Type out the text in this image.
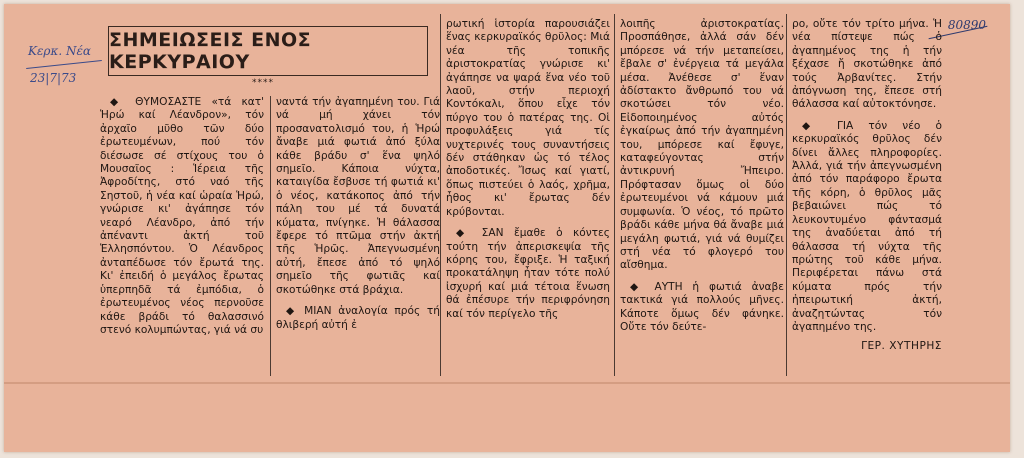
Κερκ. Νέα
23|7|73
80890
ΣΗΜΕΙΩΣΕΙΣ ΕΝΟΣ ΚΕΡΚΥΡΑΙΟΥ
****

◆ ΘΥΜΟΣΑΣΤΕ «τά κατ' Ἡρώ καί Λέανδρον», τόν ἀρχαῖο μῦθο τῶν δύο ἐρωτευμένων, πού τόν διέσωσε σέ στίχους του ὁ Μουσαῖος : Ἱέρεια τῆς Ἀφροδίτης, στό ναό τῆς Σηστοῦ, ἡ νέα καί ὡραία Ἡρώ, γνώρισε κι' ἀγάπησε τόν νεαρό Λέανδρο, ἀπό τήν ἀπέναντι ἀκτή τοῦ Ἑλλησπόντου. Ὁ Λέανδρος ἀνταπέδωσε τόν ἔρωτά της. Κι' ἐπειδή ὁ μεγάλος ἔρωτας ὑπερπηδᾶ τά ἐμπόδια, ὁ ἐρωτευμένος νέος περνοῦσε κάθε βράδι τό θαλασσινό στενό κολυμπώντας, γιά νά συ

ναντά τήν ἀγαπημένη του. Γιά νά μή χάνει τόν προσανατολισμό του, ἡ Ἡρώ ἄναβε μιά φωτιά ἀπό ξύλα κάθε βράδυ σ' ἕνα ψηλό σημεῖο. Κάποια νύχτα, καταιγίδα ἔσβυσε τή φωτιά κι' ὁ νέος, κατάκοπος ἀπό τήν πάλη του μέ τά δυνατά κύματα, πνίγηκε. Ἡ θάλασσα ἔφερε τό πτῶμα στήν ἀκτή τῆς Ἡρῶς. Ἀπεγνωσμένη αὐτή, ἔπεσε ἀπό τό ψηλό σημεῖο τῆς φωτιᾶς καί σκοτώθηκε στά βράχια.

◆ ΜΙΑΝ ἀναλογία πρός τή θλιβερή αὐτή ἐ

ρωτική ἱστορία παρουσιάζει ἕνας κερκυραϊκός θρῦλος: Μιά νέα τῆς τοπικῆς ἀριστοκρατίας γνώρισε κι' ἀγάπησε να ψαρά ἕνα νέο τοῦ λαοῦ, στήν περιοχή Κοντόκαλι, ὅπου εἶχε τόν πύργο του ὁ πατέρας της. Οἱ προφυλάξεις γιά τίς νυχτερινές τους συναντήσεις δέν στάθηκαν ὡς τό τέλος ἀποδοτικές. Ἴσως καί γιατί, ὅπως πιστεύει ὁ λαός, χρῆμα, ἦθος κι' ἔρωτας δέν κρύβονται.

◆ ΣΑΝ ἔμαθε ὁ κόντες τούτη τήν ἀπερισκεψία τῆς κόρης του, ἔφριξε. Ἡ ταξική προκατάληψη ἦταν τότε πολύ ἰσχυρή καί μιά τέτοια ἕνωση θά ἐπέσυρε τήν περιφρόνηση καί τόν περίγελο τῆς

λοιπῆς ἀριστοκρατίας. Προσπάθησε, ἀλλά σάν δέν μπόρεσε νά τήν μεταπείσει, ἔβαλε σ' ἐνέργεια τά μεγάλα μέσα. Ἀνέθεσε σ' ἕναν ἀδίστακτο ἄνθρωπό του νά σκοτώσει τόν νέο. Εἰδοποιημένος αὐτός ἐγκαίρως ἀπό τήν ἀγαπημένη του, μπόρεσε καί ἔφυγε, καταφεύγοντας στήν ἀντικρυνή Ἤπειρο. Πρόφτασαν ὅμως οἱ δύο ἐρωτευμένοι νά κάμουν μιά συμφωνία. Ὁ νέος, τό πρῶτο βράδι κάθε μήνα θά ἄναβε μιά μεγάλη φωτιά, γιά νά θυμίζει στή νέα τό φλογερό του αἴσθημα.

◆ ΑΥΤΗ ἡ φωτιά ἀναβε τακτικά γιά πολλούς μῆνες. Κάποτε ὅμως δέν φάνηκε. Οὔτε τόν δεύτε-

ρο, οὔτε τόν τρίτο μήνα. Ἡ νέα πίστεψε πώς ὁ ἀγαπημένος της ἡ τήν ξέχασε ἤ σκοτώθηκε ἀπό τούς Ἀρβανίτες. Στήν ἀπόγνωση της, ἔπεσε στή θάλασσα καί αὐτοκτόνησε.

◆ ΓΙΑ τόν νέο ὁ κερκυραϊκός θρῦλος δέν δίνει ἄλλες πληροφορίες. Ἀλλά, γιά τήν ἀπεγνωσμένη ἀπό τόν παράφορο ἔρωτα τῆς κόρη, ὁ θρῦλος μᾶς βεβαιώνει πώς τό λευκοντυμένο φάντασμά της ἀναδύεται ἀπό τή θάλασσα τή νύχτα τῆς πρώτης τοῦ κάθε μήνα. Περιφέρεται πάνω στά κύματα πρός τήν ἠπειρωτική ἀκτή, ἀναζητώντας τόν ἀγαπημένο της.

ΓΕΡ. ΧΥΤΗΡΗΣ
